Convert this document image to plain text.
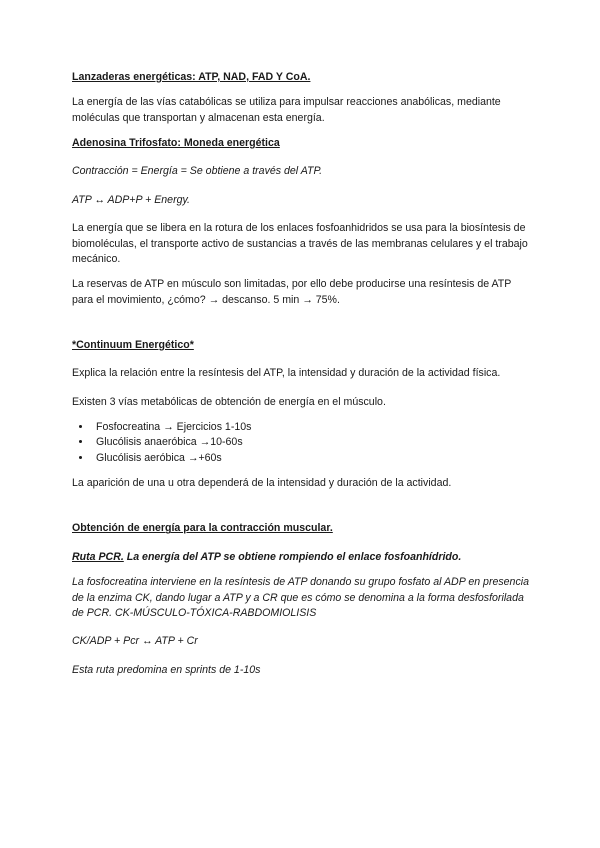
Lanzaderas energéticas: ATP, NAD, FAD Y CoA.

La energía de las vías catabólicas se utiliza para impulsar reacciones anabólicas, mediante moléculas que transportan y almacenan esta energía.

Adenosina Trifosfato: Moneda energética

Contracción = Energía = Se obtiene a través del ATP.

ATP ↔ ADP+P + Energy.

La energía que se libera en la rotura de los enlaces fosfoanhidridos se usa para la biosíntesis de biomoléculas, el transporte activo de sustancias a través de las membranas celulares y el trabajo mecánico.

La reservas de ATP en músculo son limitadas, por ello debe producirse una resíntesis de ATP para el movimiento, ¿cómo? → descanso. 5 min → 75%.

*Continuum Energético*

Explica la relación entre la resíntesis del ATP, la intensidad y duración de la actividad física.

Existen 3 vías metabólicas de obtención de energía en el músculo.

• Fosfocreatina → Ejercicios 1-10s
• Glucólisis anaeróbica →10-60s
• Glucólisis aeróbica →+60s

La aparición de una u otra dependerá de la intensidad y duración de la actividad.

Obtención de energía para la contracción muscular.

Ruta PCR. La energía del ATP se obtiene rompiendo el enlace fosfoanhídrido.

La fosfocreatina interviene en la resíntesis de ATP donando su grupo fosfato al ADP en presencia de la enzima CK, dando lugar a ATP y a CR que es cómo se denomina a la forma desfosforilada de PCR. CK-MÚSCULO-TÓXICA-RABDOMIOLISIS

CK/ADP + Pcr ↔ ATP + Cr

Esta ruta predomina en sprints de 1-10s
